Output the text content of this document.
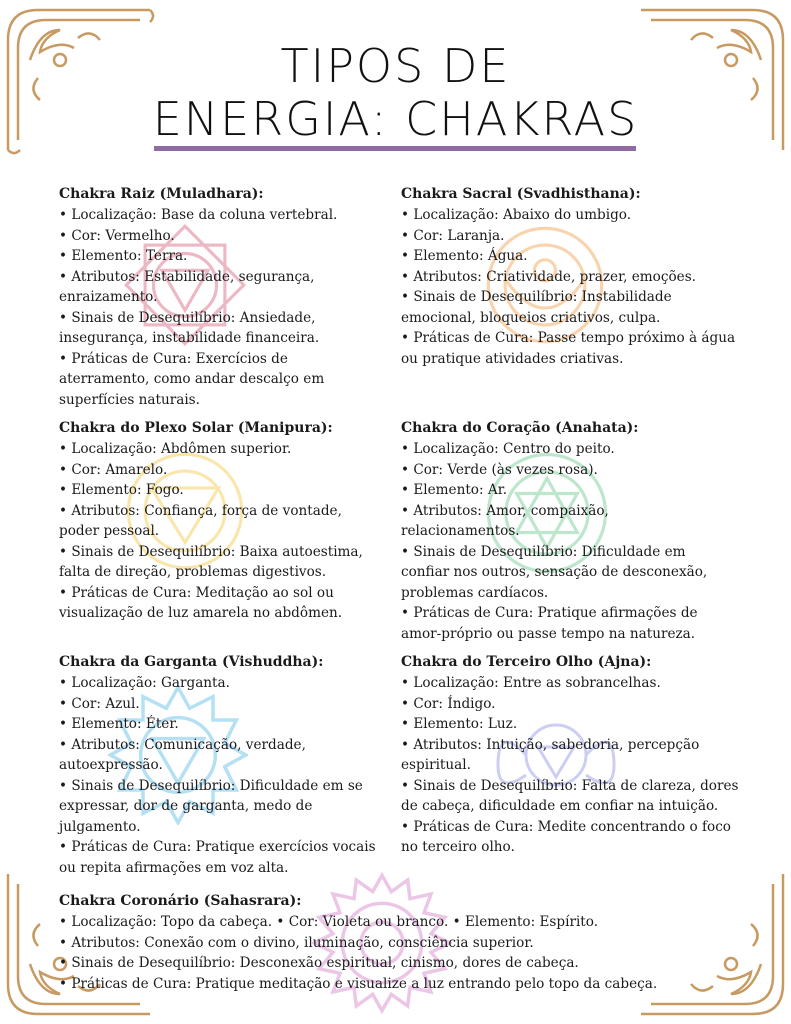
TIPOS DE
ENERGIA: CHAKRAS
Chakra Raiz (Muladhara):

• Localização: Base da coluna vertebral.

• Cor: Vermelho.

• Elemento: Terra.

• Atributos: Estabilidade, segurança, enraizamento.

• Sinais de Desequilíbrio: Ansiedade, insegurança, instabilidade financeira.

• Práticas de Cura: Exercícios de aterramento, como andar descalço em superfícies naturais.

Chakra Sacral (Svadhisthana):

• Localização: Abaixo do umbigo.

• Cor: Laranja.

• Elemento: Água.

• Atributos: Criatividade, prazer, emoções.

• Sinais de Desequilíbrio: Instabilidade emocional, bloqueios criativos, culpa.

• Práticas de Cura: Passe tempo próximo à água ou pratique atividades criativas.

Chakra do Plexo Solar (Manipura):

• Localização: Abdômen superior.

• Cor: Amarelo.

• Elemento: Fogo.

• Atributos: Confiança, força de vontade, poder pessoal.

• Sinais de Desequilíbrio: Baixa autoestima, falta de direção, problemas digestivos.

• Práticas de Cura: Meditação ao sol ou visualização de luz amarela no abdômen.

Chakra do Coração (Anahata):

• Localização: Centro do peito.

• Cor: Verde (às vezes rosa).

• Elemento: Ar.

• Atributos: Amor, compaixão, relacionamentos.

• Sinais de Desequilíbrio: Dificuldade em confiar nos outros, sensação de desconexão, problemas cardíacos.

• Práticas de Cura: Pratique afirmações de amor-próprio ou passe tempo na natureza.

Chakra da Garganta (Vishuddha):

• Localização: Garganta.

• Cor: Azul.

• Elemento: Éter.

• Atributos: Comunicação, verdade, autoexpressão.

• Sinais de Desequilíbrio: Dificuldade em se expressar, dor de garganta, medo de julgamento.

• Práticas de Cura: Pratique exercícios vocais ou repita afirmações em voz alta.

Chakra do Terceiro Olho (Ajna):

• Localização: Entre as sobrancelhas.

• Cor: Índigo.

• Elemento: Luz.

• Atributos: Intuição, sabedoria, percepção espiritual.

• Sinais de Desequilíbrio: Falta de clareza, dores de cabeça, dificuldade em confiar na intuição.

• Práticas de Cura: Medite concentrando o foco no terceiro olho.

Chakra Coronário (Sahasrara):

• Localização: Topo da cabeça. • Cor: Violeta ou branco. • Elemento: Espírito.

• Atributos: Conexão com o divino, iluminação, consciência superior.

• Sinais de Desequilíbrio: Desconexão espiritual, cinismo, dores de cabeça.

• Práticas de Cura: Pratique meditação e visualize a luz entrando pelo topo da cabeça.
